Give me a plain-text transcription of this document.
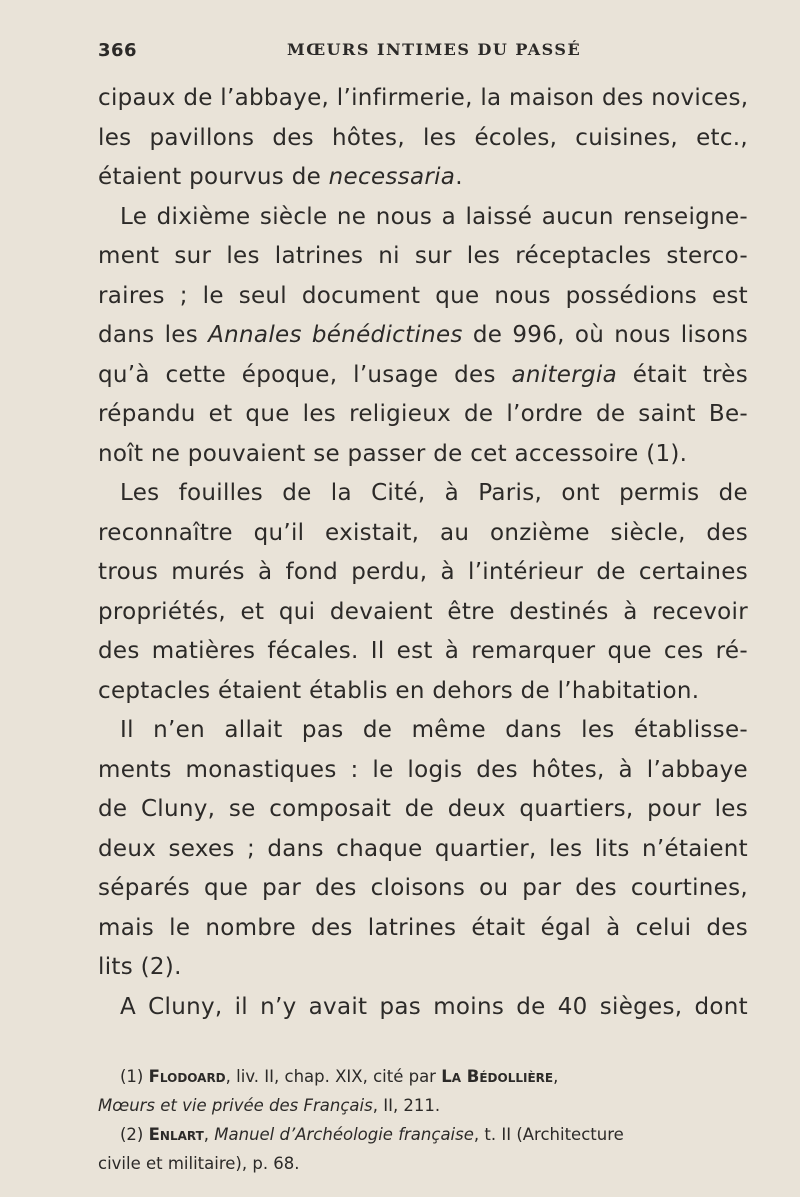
366	MŒURS INTIMES DU PASSÉ
cipaux de l’abbaye, l’infirmerie, la maison des novices,
les pavillons des hôtes, les écoles, cuisines, etc.,
étaient pourvus de necessaria.
Le dixième siècle ne nous a laissé aucun renseigne-
ment sur les latrines ni sur les réceptacles sterco-
raires ; le seul document que nous possédions est
dans les Annales bénédictines de 996, où nous lisons
qu’à cette époque, l’usage des anitergia était très
répandu et que les religieux de l’ordre de saint Be-
noît ne pouvaient se passer de cet accessoire (1).
Les fouilles de la Cité, à Paris, ont permis de
reconnaître qu’il existait, au onzième siècle, des
trous murés à fond perdu, à l’intérieur de certaines
propriétés, et qui devaient être destinés à recevoir
des matières fécales. Il est à remarquer que ces ré-
ceptacles étaient établis en dehors de l’habitation.
Il n’en allait pas de même dans les établisse-
ments monastiques : le logis des hôtes, à l’abbaye
de Cluny, se composait de deux quartiers, pour les
deux sexes ; dans chaque quartier, les lits n’étaient
séparés que par des cloisons ou par des courtines,
mais le nombre des latrines était égal à celui des
lits (2).
A Cluny, il n’y avait pas moins de 40 sièges, dont
(1) Flodoard, liv. II, chap. XIX, cité par La Bédollière,
Mœurs et vie privée des Français, II, 211.
(2) Enlart, Manuel d’Archéologie française, t. II (Architecture
civile et militaire), p. 68.
